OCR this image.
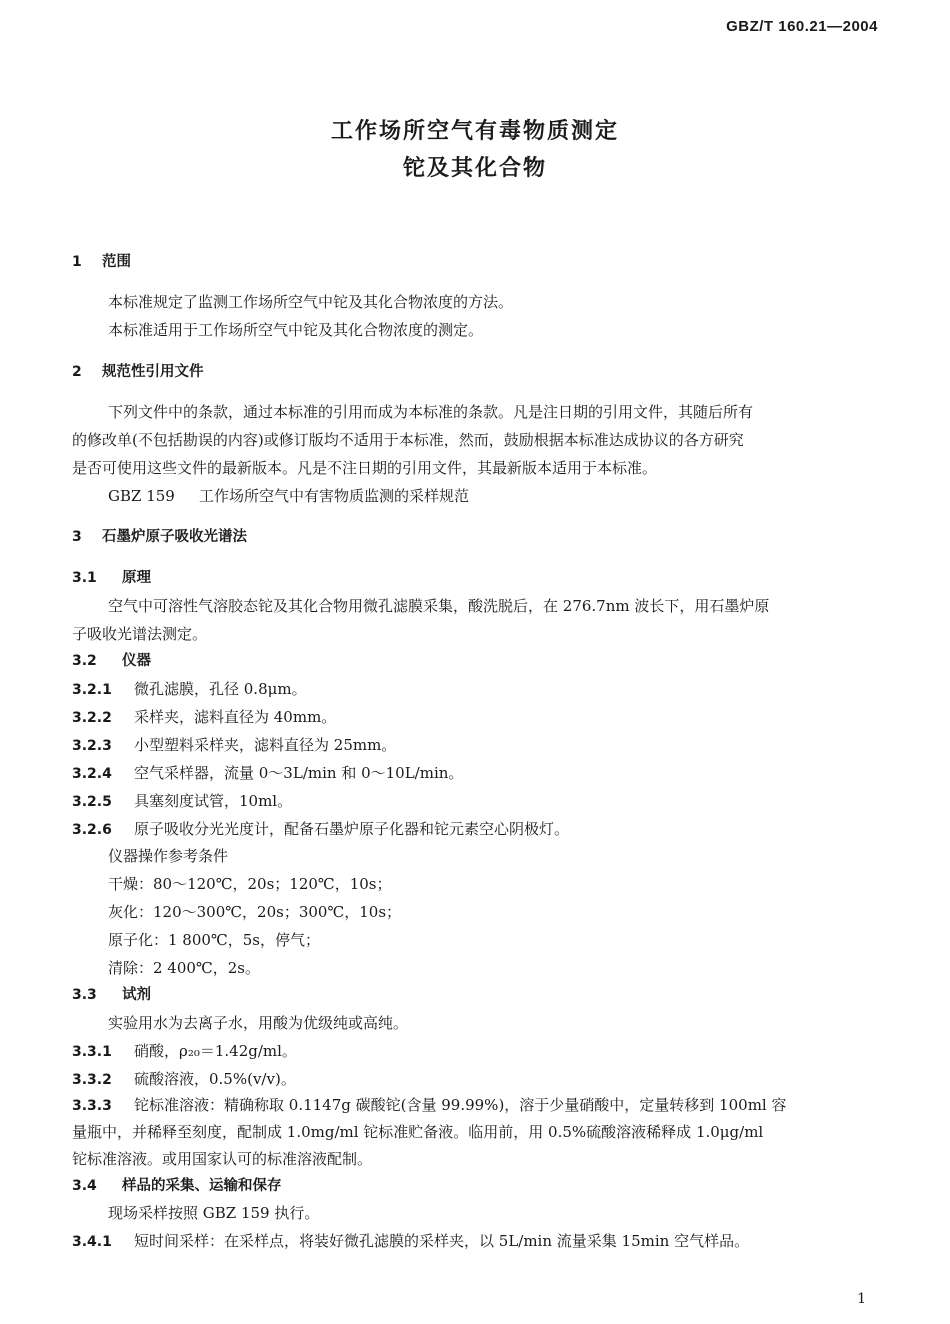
GBZ/T 160.21—2004
工作场所空气有毒物质测定
铊及其化合物
1 范围
本标准规定了监测工作场所空气中铊及其化合物浓度的方法。
本标准适用于工作场所空气中铊及其化合物浓度的测定。
2 规范性引用文件
下列文件中的条款，通过本标准的引用而成为本标准的条款。凡是注日期的引用文件，其随后所有
的修改单(不包括勘误的内容)或修订版均不适用于本标准，然而，鼓励根据本标准达成协议的各方研究
是否可使用这些文件的最新版本。凡是不注日期的引用文件，其最新版本适用于本标准。
GBZ 159 工作场所空气中有害物质监测的采样规范
3 石墨炉原子吸收光谱法
3.1 原理
空气中可溶性气溶胶态铊及其化合物用微孔滤膜采集，酸洗脱后，在 276.7nm 波长下，用石墨炉原
子吸收光谱法测定。
3.2 仪器
3.2.1 微孔滤膜，孔径 0.8μm。
3.2.2 采样夹，滤料直径为 40mm。
3.2.3 小型塑料采样夹，滤料直径为 25mm。
3.2.4 空气采样器，流量 0～3L/min 和 0～10L/min。
3.2.5 具塞刻度试管，10ml。
3.2.6 原子吸收分光光度计，配备石墨炉原子化器和铊元素空心阴极灯。
仪器操作参考条件
干燥：80～120℃，20s；120℃，10s；
灰化：120～300℃，20s；300℃，10s；
原子化：1 800℃，5s，停气；
清除：2 400℃，2s。
3.3 试剂
实验用水为去离子水，用酸为优级纯或高纯。
3.3.1 硝酸，ρ₂₀＝1.42g/ml。
3.3.2 硫酸溶液，0.5%(v/v)。
3.3.3 铊标准溶液：精确称取 0.1147g 碳酸铊(含量 99.99%)，溶于少量硝酸中，定量转移到 100ml 容
量瓶中，并稀释至刻度，配制成 1.0mg/ml 铊标准贮备液。临用前，用 0.5%硫酸溶液稀释成 1.0μg/ml
铊标准溶液。或用国家认可的标准溶液配制。
3.4 样品的采集、运输和保存
现场采样按照 GBZ 159 执行。
3.4.1 短时间采样：在采样点，将装好微孔滤膜的采样夹，以 5L/min 流量采集 15min 空气样品。
1
